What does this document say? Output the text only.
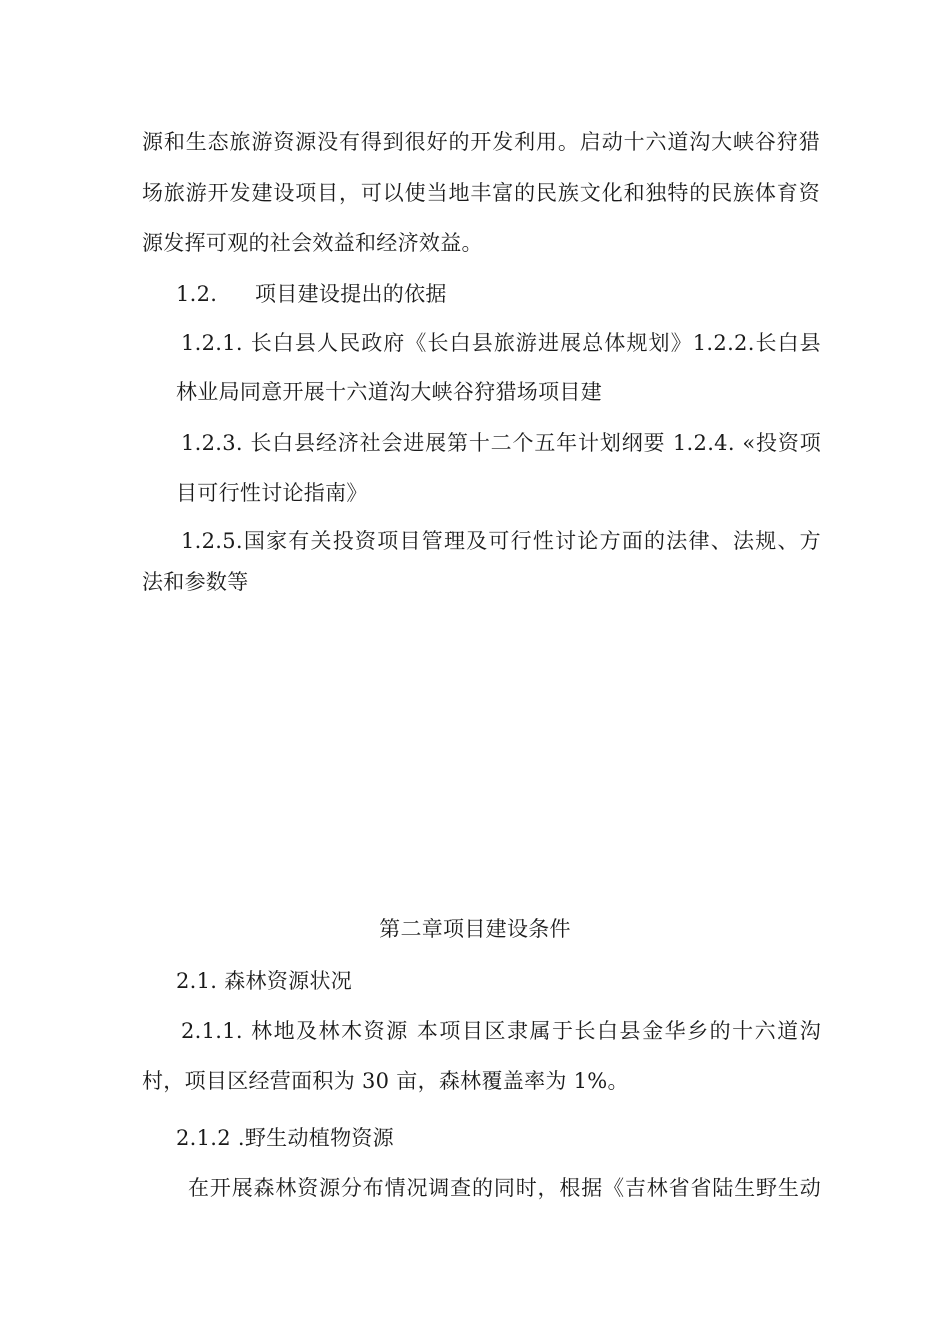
源和生态旅游资源没有得到很好的开发利用。启动十六道沟大峡谷狩猎
场旅游开发建设项目，可以使当地丰富的民族文化和独特的民族体育资
源发挥可观的社会效益和经济效益。
1.2. 项目建设提出的依据
1.2.1. 长白县人民政府《长白县旅游进展总体规划》1.2.2.长白县
林业局同意开展十六道沟大峡谷狩猎场项目建
1.2.3. 长白县经济社会进展第十二个五年计划纲要 1.2.4. «投资项
目可行性讨论指南》
1.2.5.国家有关投资项目管理及可行性讨论方面的法律、法规、方
法和参数等
第二章项目建设条件
2.1. 森林资源状况
2.1.1. 林地及林木资源 本项目区隶属于长白县金华乡的十六道沟
村，项目区经营面积为 30 亩，森林覆盖率为 1%。
2.1.2 .野生动植物资源
在开展森林资源分布情况调查的同时，根据《吉林省省陆生野生动
